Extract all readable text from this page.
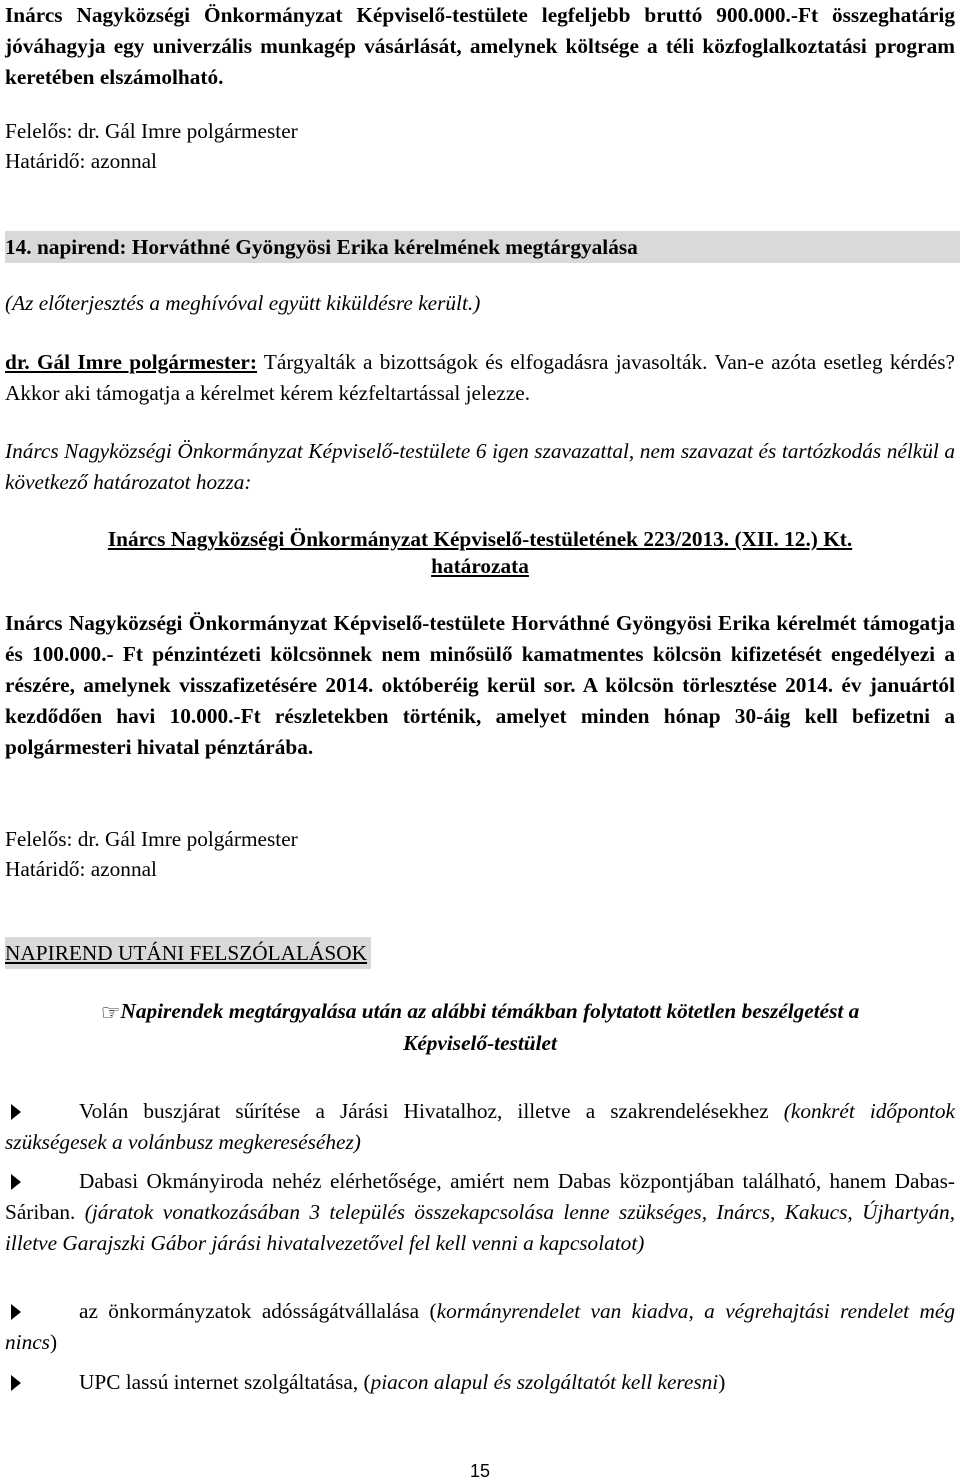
Inárcs Nagyközségi Önkormányzat Képviselő-testülete legfeljebb bruttó 900.000.-Ft összeghatárig jóváhagyja egy univerzális munkagép vásárlását, amelynek költsége a téli közfoglalkoztatási program keretében elszámolható.

Felelős: dr. Gál Imre polgármester

Határidő: azonnal

14. napirend: Horváthné Gyöngyösi Erika kérelmének megtárgyalása

(Az előterjesztés a meghívóval együtt kiküldésre került.)

dr. Gál Imre polgármester: Tárgyalták a bizottságok és elfogadásra javasolták. Van-e azóta esetleg kérdés? Akkor aki támogatja a kérelmet kérem kézfeltartással jelezze.

Inárcs Nagyközségi Önkormányzat Képviselő-testülete 6 igen szavazattal, nem szavazat és tartózkodás nélkül a következő határozatot hozza:

Inárcs Nagyközségi Önkormányzat Képviselő-testületének 223/2013. (XII. 12.) Kt.

határozata

Inárcs Nagyközségi Önkormányzat Képviselő-testülete Horváthné Gyöngyösi Erika kérelmét támogatja és 100.000.- Ft pénzintézeti kölcsönnek nem minősülő kamatmentes kölcsön kifizetését engedélyezi a részére, amelynek visszafizetésére 2014. októberéig kerül sor. A kölcsön törlesztése 2014. év januártól kezdődően havi 10.000.-Ft részletekben történik, amelyet minden hónap 30-áig kell befizetni a polgármesteri hivatal pénztárába.

Felelős: dr. Gál Imre polgármester

Határidő: azonnal

NAPIREND UTÁNI FELSZÓLALÁSOK

☞Napirendek megtárgyalása után az alábbi témákban folytatott kötetlen beszélgetést a
Képviselő-testület

Volán buszjárat sűrítése a Járási Hivatalhoz, illetve a szakrendelésekhez (konkrét időpontok szükségesek a volánbusz megkereséséhez)

Dabasi Okmányiroda nehéz elérhetősége, amiért nem Dabas központjában található, hanem Dabas-Sáriban. (járatok vonatkozásában 3 település összekapcsolása lenne szükséges, Inárcs, Kakucs, Újhartyán, illetve Garajszki Gábor járási hivatalvezetővel fel kell venni a kapcsolatot)

az önkormányzatok adósságátvállalása (kormányrendelet van kiadva, a végrehajtási rendelet még nincs)

UPC lassú internet szolgáltatása, (piacon alapul és szolgáltatót kell keresni)

15
